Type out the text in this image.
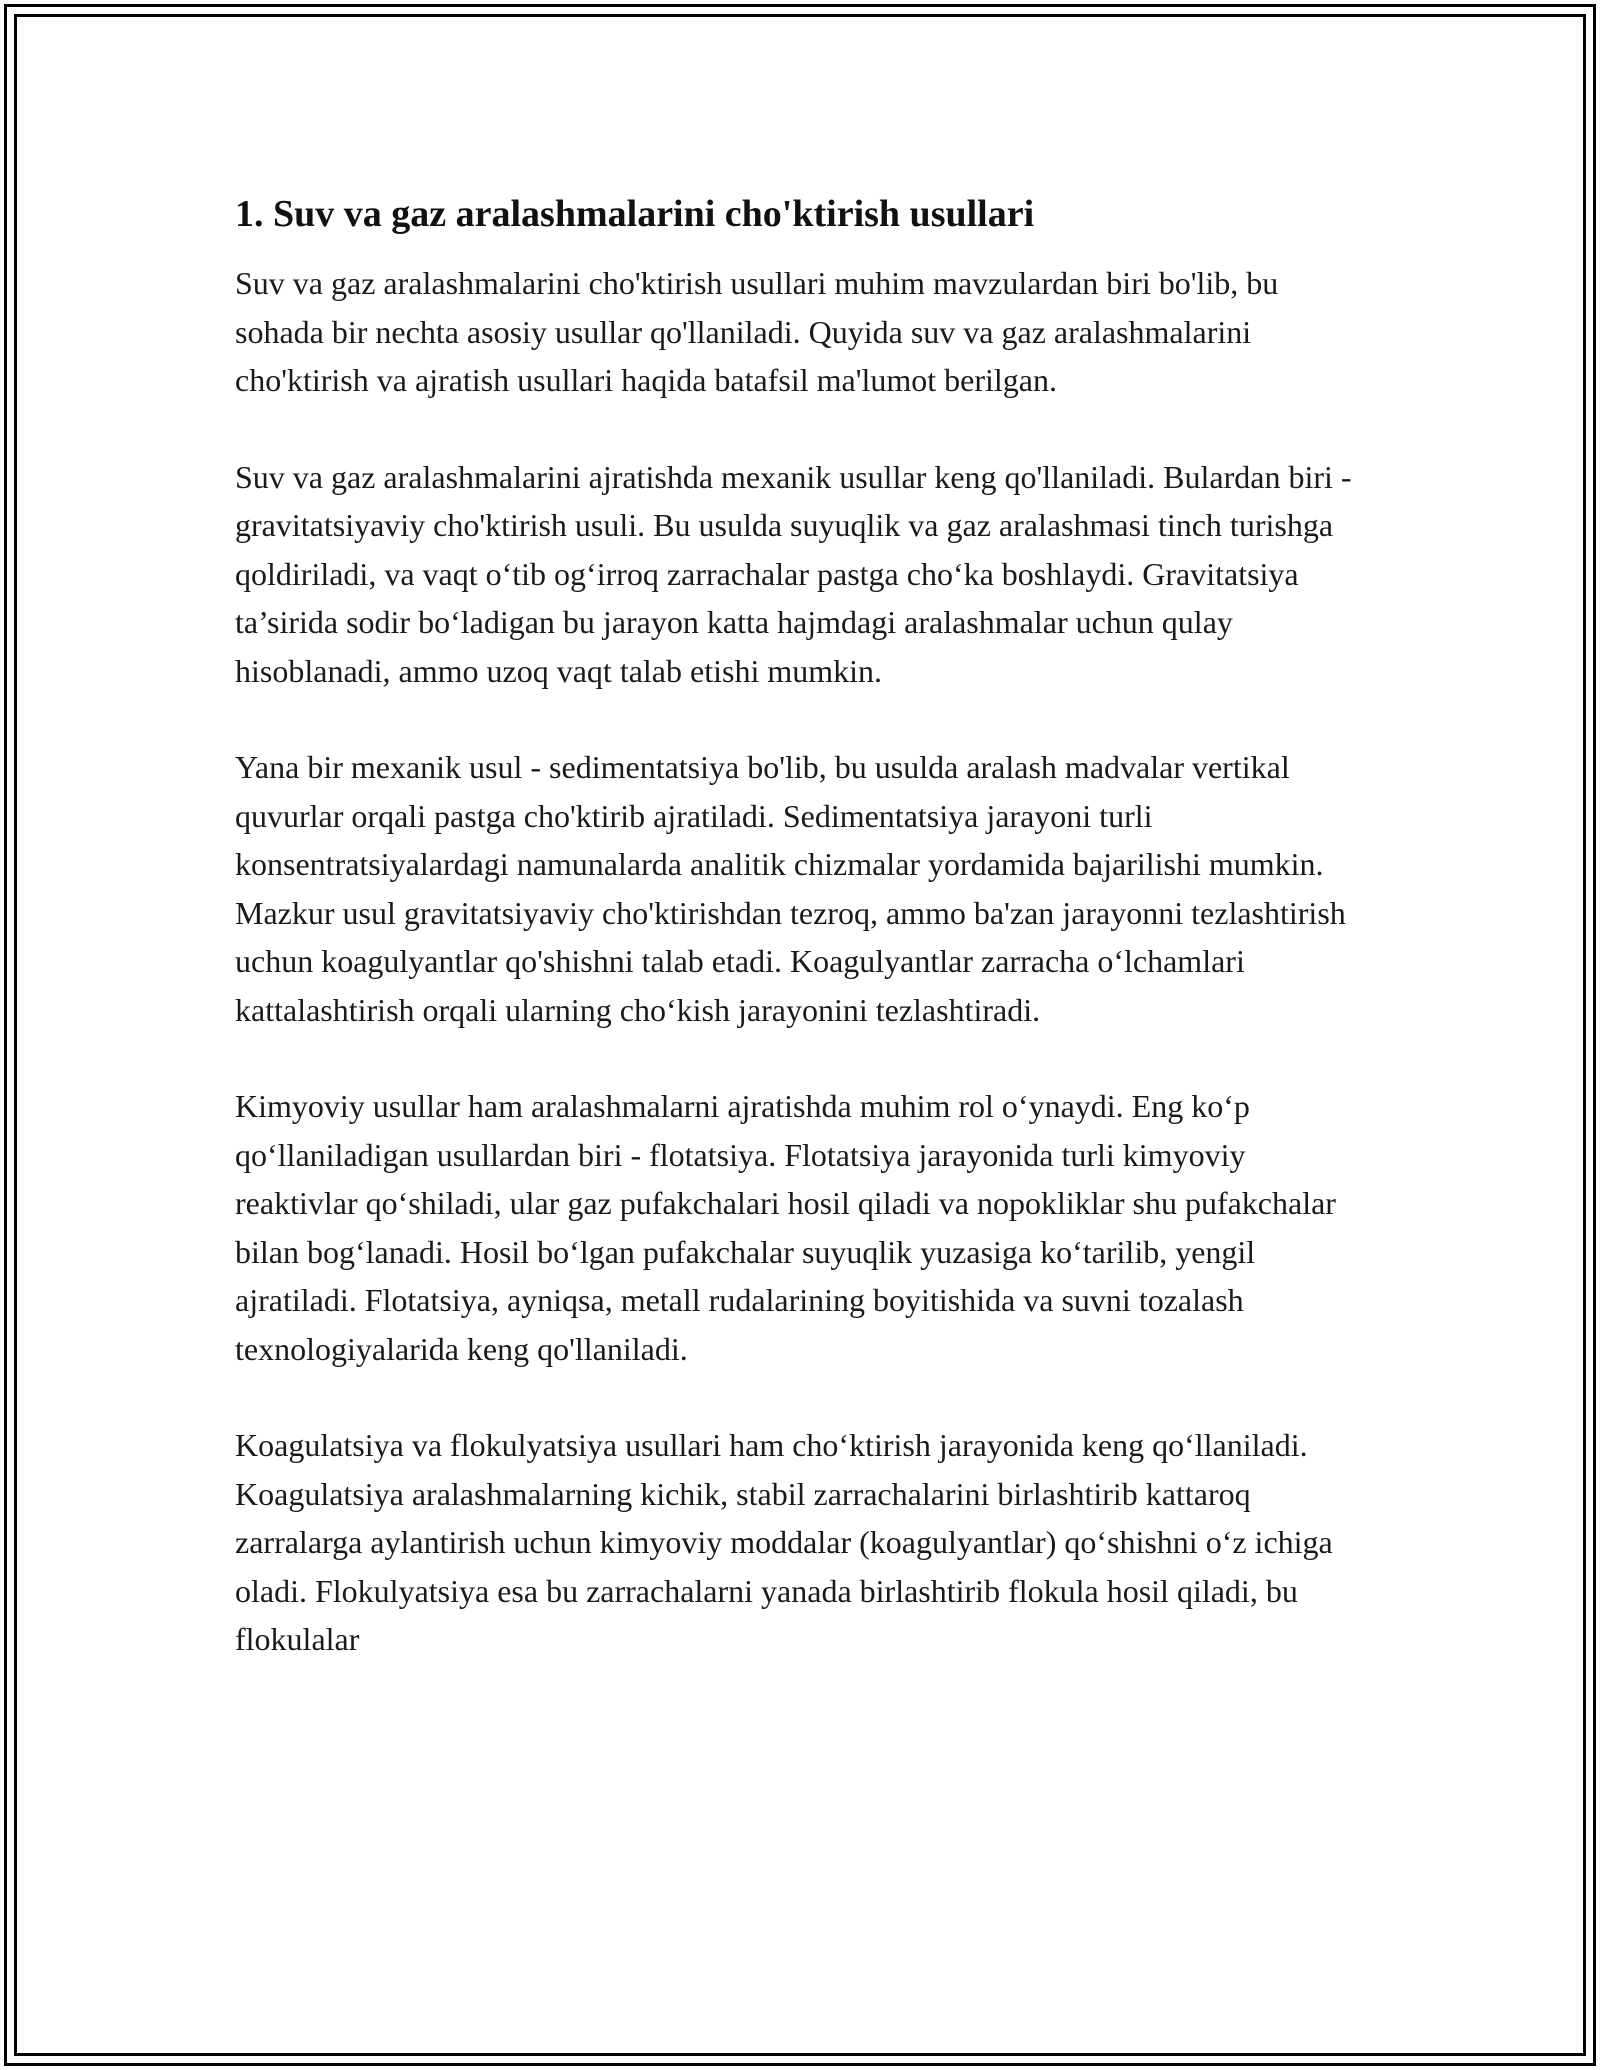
1. Suv va gaz aralashmalarini cho'ktirish usullari

Suv va gaz aralashmalarini cho'ktirish usullari muhim mavzulardan biri bo'lib, bu sohada bir nechta asosiy usullar qo'llaniladi. Quyida suv va gaz aralashmalarini cho'ktirish va ajratish usullari haqida batafsil ma'lumot berilgan.

Suv va gaz aralashmalarini ajratishda mexanik usullar keng qo'llaniladi. Bulardan biri - gravitatsiyaviy cho'ktirish usuli. Bu usulda suyuqlik va gaz aralashmasi tinch turishga qoldiriladi, va vaqt o‘tib og‘irroq zarrachalar pastga cho‘ka boshlaydi. Gravitatsiya ta’sirida sodir bo‘ladigan bu jarayon katta hajmdagi aralashmalar uchun qulay hisoblanadi, ammo uzoq vaqt talab etishi mumkin.

Yana bir mexanik usul - sedimentatsiya bo'lib, bu usulda aralash madvalar vertikal quvurlar orqali pastga cho'ktirib ajratiladi. Sedimentatsiya jarayoni turli konsentratsiyalardagi namunalarda analitik chizmalar yordamida bajarilishi mumkin. Mazkur usul gravitatsiyaviy cho'ktirishdan tezroq, ammo ba'zan jarayonni tezlashtirish uchun koagulyantlar qo'shishni talab etadi. Koagulyantlar zarracha o‘lchamlari kattalashtirish orqali ularning cho‘kish jarayonini tezlashtiradi.

Kimyoviy usullar ham aralashmalarni ajratishda muhim rol o‘ynaydi. Eng ko‘p qo‘llaniladigan usullardan biri - flotatsiya. Flotatsiya jarayonida turli kimyoviy reaktivlar qo‘shiladi, ular gaz pufakchalari hosil qiladi va nopokliklar shu pufakchalar bilan bog‘lanadi. Hosil bo‘lgan pufakchalar suyuqlik yuzasiga ko‘tarilib, yengil ajratiladi. Flotatsiya, ayniqsa, metall rudalarining boyitishida va suvni tozalash texnologiyalarida keng qo'llaniladi.

Koagulatsiya va flokulyatsiya usullari ham cho‘ktirish jarayonida keng qo‘llaniladi. Koagulatsiya aralashmalarning kichik, stabil zarrachalarini birlashtirib kattaroq zarralarga aylantirish uchun kimyoviy moddalar (koagulyantlar) qo‘shishni o‘z ichiga oladi. Flokulyatsiya esa bu zarrachalarni yanada birlashtirib flokula hosil qiladi, bu flokulalar
